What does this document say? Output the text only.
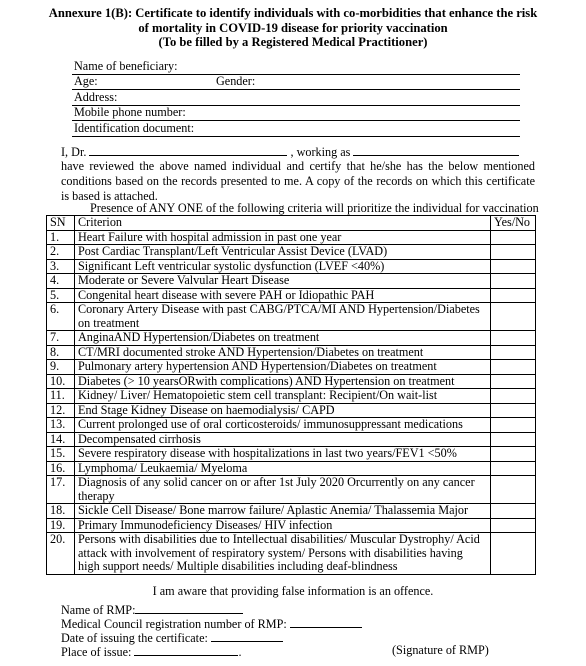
Annexure 1(B): Certificate to identify individuals with co-morbidities that enhance the risk
of mortality in COVID-19 disease for priority vaccination
(To be filled by a Registered Medical Practitioner)
Name of beneficiary:
Age:	Gender:
Address:
Mobile phone number:
Identification document:
I, Dr.	, working as
have reviewed the above named individual and certify that he/she has the below mentioned conditions based on the records presented to me. A copy of the records on which this certificate is based is attached.
Presence of ANY ONE of the following criteria will prioritize the individual for vaccination
SN	Criterion	Yes/No
1.	Heart Failure with hospital admission in past one year	
2.	Post Cardiac Transplant/Left Ventricular Assist Device (LVAD)	
3.	Significant Left ventricular systolic dysfunction (LVEF <40%)	
4.	Moderate or Severe Valvular Heart Disease	
5.	Congenital heart disease with severe PAH or Idiopathic PAH	
6.	Coronary Artery Disease with past CABG/PTCA/MI AND Hypertension/Diabetes on treatment	
7.	AnginaAND Hypertension/Diabetes on treatment	
8.	CT/MRI documented stroke AND Hypertension/Diabetes on treatment	
9.	Pulmonary artery hypertension AND Hypertension/Diabetes on treatment	
10.	Diabetes (> 10 yearsORwith complications) AND Hypertension on treatment	
11.	Kidney/ Liver/ Hematopoietic stem cell transplant: Recipient/On wait-list	
12.	End Stage Kidney Disease on haemodialysis/ CAPD	
13.	Current prolonged use of oral corticosteroids/ immunosuppressant medications	
14.	Decompensated cirrhosis	
15.	Severe respiratory disease with hospitalizations in last two years/FEV1 <50%	
16.	Lymphoma/ Leukaemia/ Myeloma	
17.	Diagnosis of any solid cancer on or after 1st July 2020 Orcurrently on any cancer therapy	
18.	Sickle Cell Disease/ Bone marrow failure/ Aplastic Anemia/ Thalassemia Major	
19.	Primary Immunodeficiency Diseases/ HIV infection	
20.	Persons with disabilities due to Intellectual disabilities/ Muscular Dystrophy/ Acid attack with involvement of respiratory system/ Persons with disabilities having high support needs/ Multiple disabilities including deaf-blindness	
I am aware that providing false information is an offence.
Name of RMP:
Medical Council registration number of RMP:
Date of issuing the certificate:
Place of issue:	.	(Signature of RMP)
